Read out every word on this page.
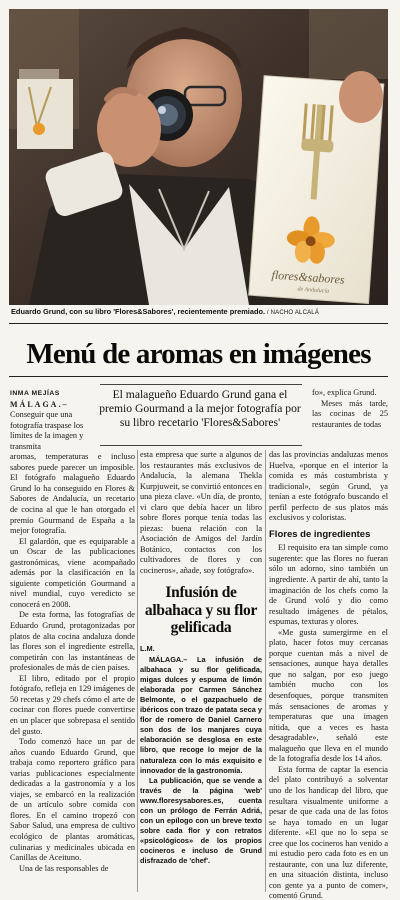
flores&sabores
de Andalucía
Eduardo Grund, con su libro 'Flores&Sabores', recientemente premiado. / NACHO ALCALÁ
Menú de aromas en imágenes

INMA MEJÍAS

MÁLAGA.–

Conseguir que una fotografía traspase los límites de la imagen y transmita

aromas, temperaturas e incluso sabores puede parecer un imposible. El fotógrafo malagueño Eduardo Grund lo ha conseguido en Flores & Sabores de Andalucía, un recetario de cocina al que le han otorgado el premio Gourmand de España a la mejor fotografía.

El galardón, que es equiparable a un Oscar de las publicaciones gastronómicas, viene acompañado además por la clasificación en la siguiente competición Gourmand a nivel mundial, cuyo veredicto se conocerá en 2008.

De esta forma, las fotografías de Eduardo Grund, protagonizadas por platos de alta cocina andaluza donde las flores son el ingrediente estrella, competirán con las instantáneas de profesionales de más de cien países.

El libro, editado por el propio fotógrafo, refleja en 129 imágenes de 50 recetas y 29 chefs cómo el arte de cocinar con flores puede convertirse en un placer que sobrepasa el sentido del gusto.

Todo comenzó hace un par de años cuando Eduardo Grund, que trabaja como reportero gráfico para varias publicaciones especialmente dedicadas a la gastronomía y a los viajes, se embarcó en la realización de un artículo sobre comida con flores. En el camino tropezó con Sabor Salud, una empresa de cultivo ecológico de plantas aromáticas, culinarias y medicinales ubicada en Canillas de Aceituno.

Una de las responsables de

El malagueño Eduardo Grund gana el premio Gourmand a la mejor fotografía por su libro recetario 'Flores&Sabores'

fo», explica Grund.

Meses más tarde, las cocinas de 25 restaurantes de todas

esta empresa que surte a algunos de los restaurantes más exclusivos de Andalucía, la alemana Thekla Kurpjuweit, se convirtió entonces en una pieza clave. «Un día, de pronto, vi claro que debía hacer un libro sobre flores porque tenía todas las piezas: buena relación con la Asociación de Amigos del Jardín Botánico, contactos con los cultivadores de flores y con cocineros», añade, soy fotógrafo».

Infusión de albahaca y su flor gelificada

L.M.

MÁLAGA.– La infusión de albahaca y su flor gelificada, migas dulces y espuma de limón elaborada por Carmen Sánchez Belmonte, o el gazpachuelo de ibéricos con trazo de patata seca y flor de romero de Daniel Carnero son dos de los manjares cuya elaboración se desglosa en este libro, que recoge lo mejor de la naturaleza con lo más exquisito e innovador de la gastronomía.

La publicación, que se vende a través de la página 'web' www.floresysabores.es, cuenta con un prólogo de Ferrán Adriá, con un epílogo con un breve texto sobre cada flor y con retratos «psicológicos» de los propios cocineros e incluso de Grund disfrazado de 'chef'.

das las provincias andaluzas menos Huelva, «porque en el interior la comida es más costumbrista y tradicional», según Grund, ya tenían a este fotógrafo buscando el perfil perfecto de sus platos más exclusivos y coloristas.

Flores de ingredientes

El requisito era tan simple como sugerente: que las flores no fueran sólo un adorno, sino también un ingrediente. A partir de ahí, tanto la imaginación de los chefs como la de Grund voló y dio como resultado imágenes de pétalos, espumas, texturas y olores.

«Me gusta sumergirme en el plato, hacer fotos muy cercanas porque cuentan más a nivel de sensaciones, aunque haya detalles que no salgan, por eso juego también mucho con los desenfoques, porque transmiten más sensaciones de aromas y temperaturas que una imagen nítida, que a veces es hasta desagradable», señaló este malagueño que lleva en el mundo de la fotografía desde los 14 años.

Esta forma de captar la esencia del plato contribuyó a solventar uno de los handicap del libro, que resultara visualmente uniforme a pesar de que cada una de las fotos se haya tomado en un lugar diferente. «El que no lo sepa se cree que los cocineros han venido a mi estudio pero cada foto es en un restaurante, con una luz diferente, en una situación distinta, incluso con gente ya a punto de comer», comentó Grund.
